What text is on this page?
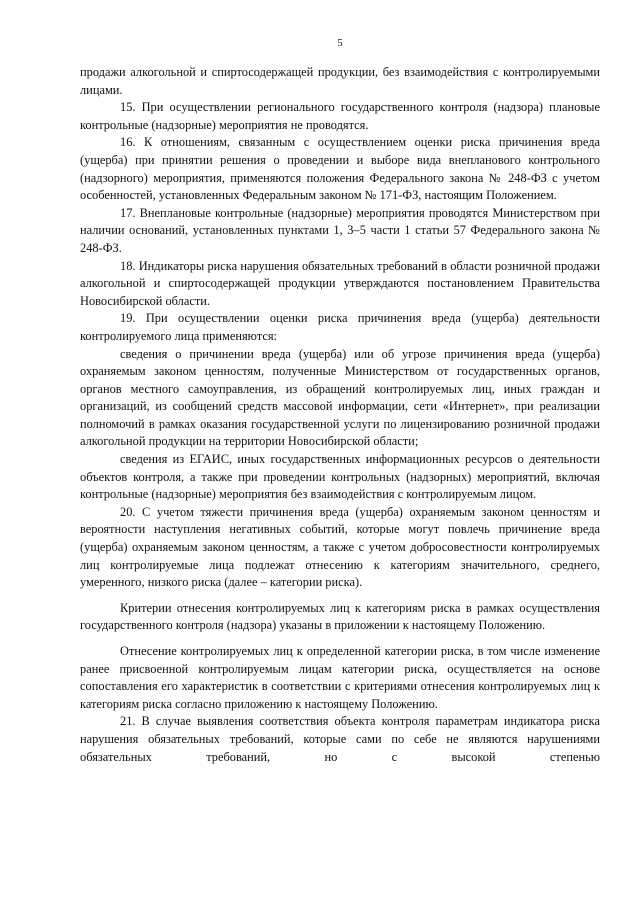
5

продажи алкогольной и спиртосодержащей продукции, без взаимодействия с контролируемыми лицами.

15. При осуществлении регионального государственного контроля (надзора) плановые контрольные (надзорные) мероприятия не проводятся.

16. К отношениям, связанным с осуществлением оценки риска причинения вреда (ущерба) при принятии решения о проведении и выборе вида внепланового контрольного (надзорного) мероприятия, применяются положения Федерального закона № 248-ФЗ с учетом особенностей, установленных Федеральным законом № 171-ФЗ, настоящим Положением.

17. Внеплановые контрольные (надзорные) мероприятия проводятся Министерством при наличии оснований, установленных пунктами 1, 3–5 части 1 статьи 57 Федерального закона № 248-ФЗ.

18. Индикаторы риска нарушения обязательных требований в области розничной продажи алкогольной и спиртосодержащей продукции утверждаются постановлением Правительства Новосибирской области.

19. При осуществлении оценки риска причинения вреда (ущерба) деятельности контролируемого лица применяются:

сведения о причинении вреда (ущерба) или об угрозе причинения вреда (ущерба) охраняемым законом ценностям, полученные Министерством от государственных органов, органов местного самоуправления, из обращений контролируемых лиц, иных граждан и организаций, из сообщений средств массовой информации, сети «Интернет», при реализации полномочий в рамках оказания государственной услуги по лицензированию розничной продажи алкогольной продукции на территории Новосибирской области;

сведения из ЕГАИС, иных государственных информационных ресурсов о деятельности объектов контроля, а также при проведении контрольных (надзорных) мероприятий, включая контрольные (надзорные) мероприятия без взаимодействия с контролируемым лицом.

20. С учетом тяжести причинения вреда (ущерба) охраняемым законом ценностям и вероятности наступления негативных событий, которые могут повлечь причинение вреда (ущерба) охраняемым законом ценностям, а также с учетом добросовестности контролируемых лиц контролируемые лица подлежат отнесению к категориям значительного, среднего, умеренного, низкого риска (далее – категории риска).

Критерии отнесения контролируемых лиц к категориям риска в рамках осуществления государственного контроля (надзора) указаны в приложении к настоящему Положению.

Отнесение контролируемых лиц к определенной категории риска, в том числе изменение ранее присвоенной контролируемым лицам категории риска, осуществляется на основе сопоставления его характеристик в соответствии с критериями отнесения контролируемых лиц к категориям риска согласно приложению к настоящему Положению.

21. В случае выявления соответствия объекта контроля параметрам индикатора риска нарушения обязательных требований, которые сами по себе не являются нарушениями обязательных требований, но с высокой степенью
